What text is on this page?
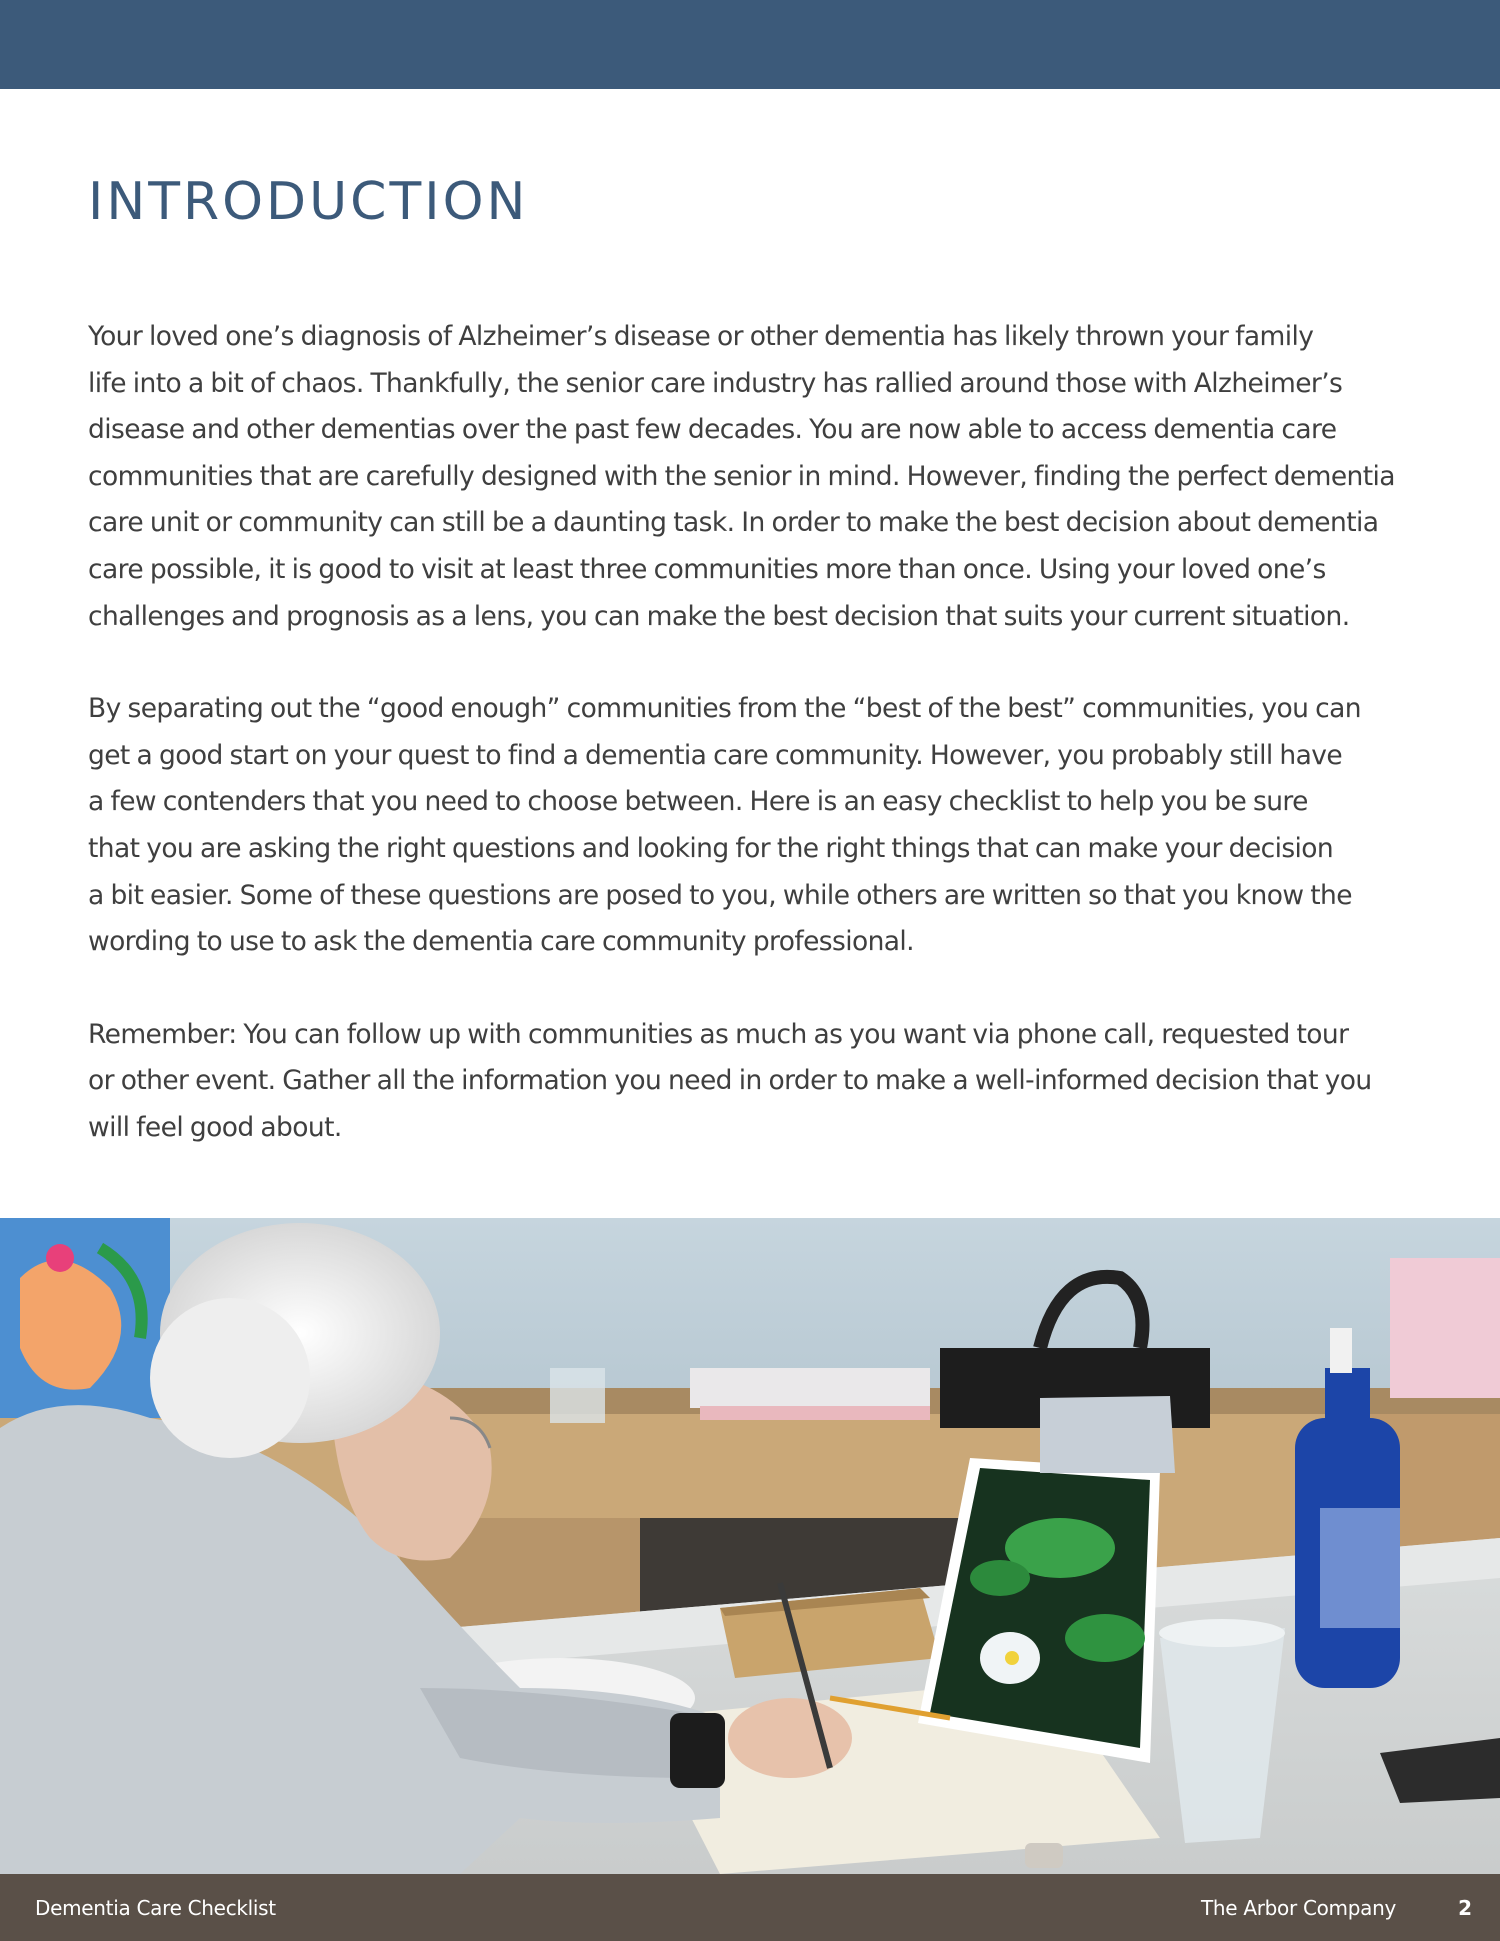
INTRODUCTION

Your loved one’s diagnosis of Alzheimer’s disease or other dementia has likely thrown your family
life into a bit of chaos. Thankfully, the senior care industry has rallied around those with Alzheimer’s
disease and other dementias over the past few decades. You are now able to access dementia care
communities that are carefully designed with the senior in mind. However, finding the perfect dementia
care unit or community can still be a daunting task. In order to make the best decision about dementia
care possible, it is good to visit at least three communities more than once. Using your loved one’s
challenges and prognosis as a lens, you can make the best decision that suits your current situation.

By separating out the “good enough” communities from the “best of the best” communities, you can
get a good start on your quest to find a dementia care community. However, you probably still have
a few contenders that you need to choose between. Here is an easy checklist to help you be sure
that you are asking the right questions and looking for the right things that can make your decision
a bit easier. Some of these questions are posed to you, while others are written so that you know the
wording to use to ask the dementia care community professional.

Remember: You can follow up with communities as much as you want via phone call, requested tour
or other event. Gather all the information you need in order to make a well-informed decision that you
will feel good about.

Dementia Care Checklist	The Arbor Company	2
